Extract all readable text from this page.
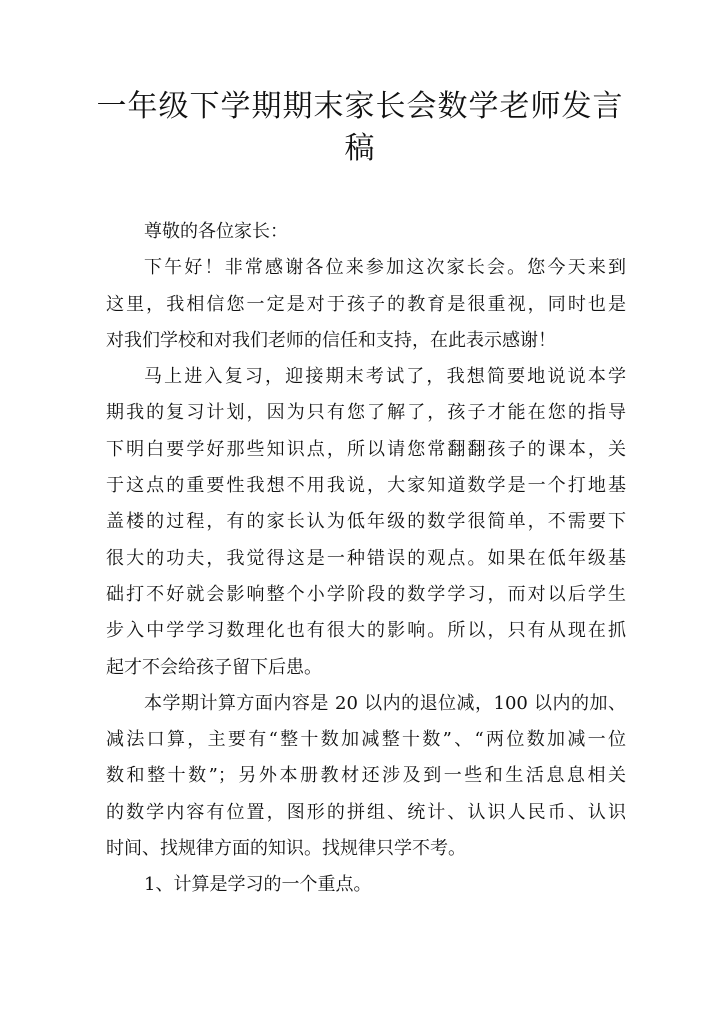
一年级下学期期末家长会数学老师发言
稿
尊敬的各位家长：
下午好！非常感谢各位来参加这次家长会。您今天来到
这里，我相信您一定是对于孩子的教育是很重视，同时也是
对我们学校和对我们老师的信任和支持，在此表示感谢！
马上进入复习，迎接期末考试了，我想简要地说说本学
期我的复习计划，因为只有您了解了，孩子才能在您的指导
下明白要学好那些知识点，所以请您常翻翻孩子的课本，关
于这点的重要性我想不用我说，大家知道数学是一个打地基
盖楼的过程，有的家长认为低年级的数学很简单，不需要下
很大的功夫，我觉得这是一种错误的观点。如果在低年级基
础打不好就会影响整个小学阶段的数学学习，而对以后学生
步入中学学习数理化也有很大的影响。所以，只有从现在抓
起才不会给孩子留下后患。
本学期计算方面内容是 20 以内的退位减，100 以内的加、
减法口算，主要有“整十数加减整十数”、“两位数加减一位
数和整十数”；另外本册教材还涉及到一些和生活息息相关
的数学内容有位置，图形的拼组、统计、认识人民币、认识
时间、找规律方面的知识。找规律只学不考。
1、计算是学习的一个重点。
